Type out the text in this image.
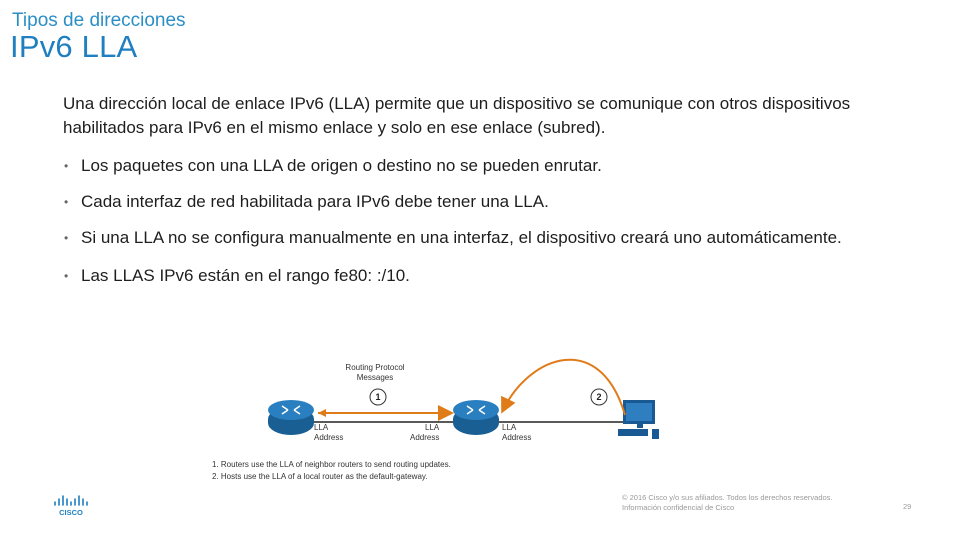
Tipos de direcciones
IPv6 LLA
Una dirección local de enlace IPv6 (LLA) permite que un dispositivo se comunique con otros dispositivos habilitados para IPv6 en el mismo enlace y solo en ese enlace (subred).
• Los paquetes con una LLA de origen o destino no se pueden enrutar.
• Cada interfaz de red habilitada para IPv6 debe tener una LLA.
• Si una LLA no se configura manualmente en una interfaz, el dispositivo creará uno automáticamente.
• Las LLAS IPv6 están en el rango fe80: :/10.
Routing Protocol
Messages
1	2
LLA
Address
LLA
Address
LLA
Address
1. Routers use the LLA of neighbor routers to send routing updates.
2. Hosts use the LLA of a local router as the default-gateway.
CISCO
© 2016 Cisco y/o sus afiliados. Todos los derechos reservados.
Información confidencial de Cisco	29
